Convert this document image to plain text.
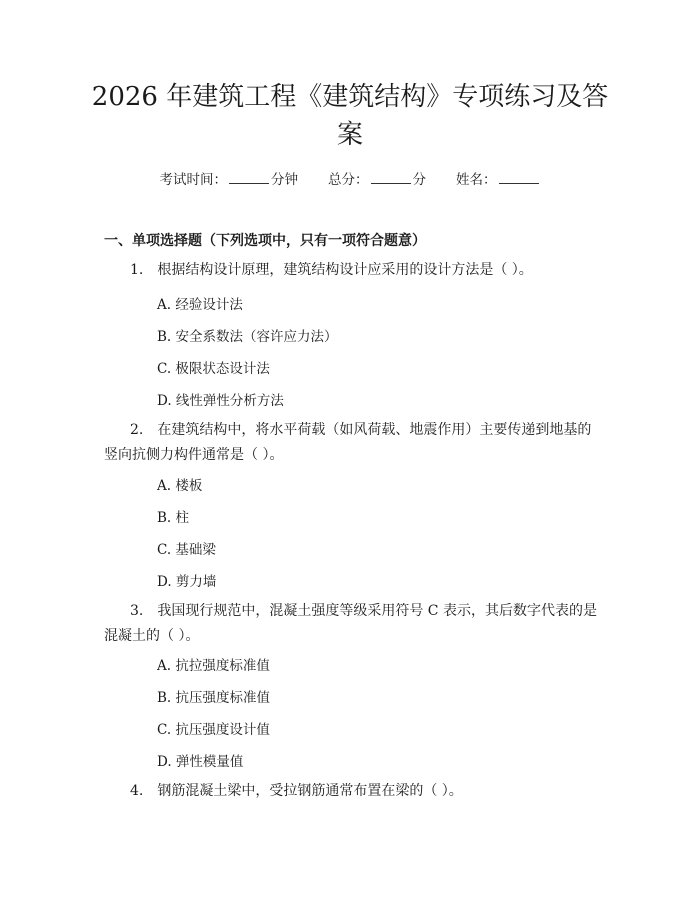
2026 年建筑工程《建筑结构》专项练习及答案
考试时间：	分钟 总分：	分 姓名：
一、单项选择题（下列选项中，只有一项符合题意）
1. 根据结构设计原理，建筑结构设计应采用的设计方法是（ ）。
A. 经验设计法
B. 安全系数法（容许应力法）
C. 极限状态设计法
D. 线性弹性分析方法
2. 在建筑结构中，将水平荷载（如风荷载、地震作用）主要传递到地基的竖向抗侧力构件通常是（ ）。
A. 楼板
B. 柱
C. 基础梁
D. 剪力墙
3. 我国现行规范中，混凝土强度等级采用符号 C 表示，其后数字代表的是混凝土的（ ）。
A. 抗拉强度标准值
B. 抗压强度标准值
C. 抗压强度设计值
D. 弹性模量值
4. 钢筋混凝土梁中，受拉钢筋通常布置在梁的（ ）。
